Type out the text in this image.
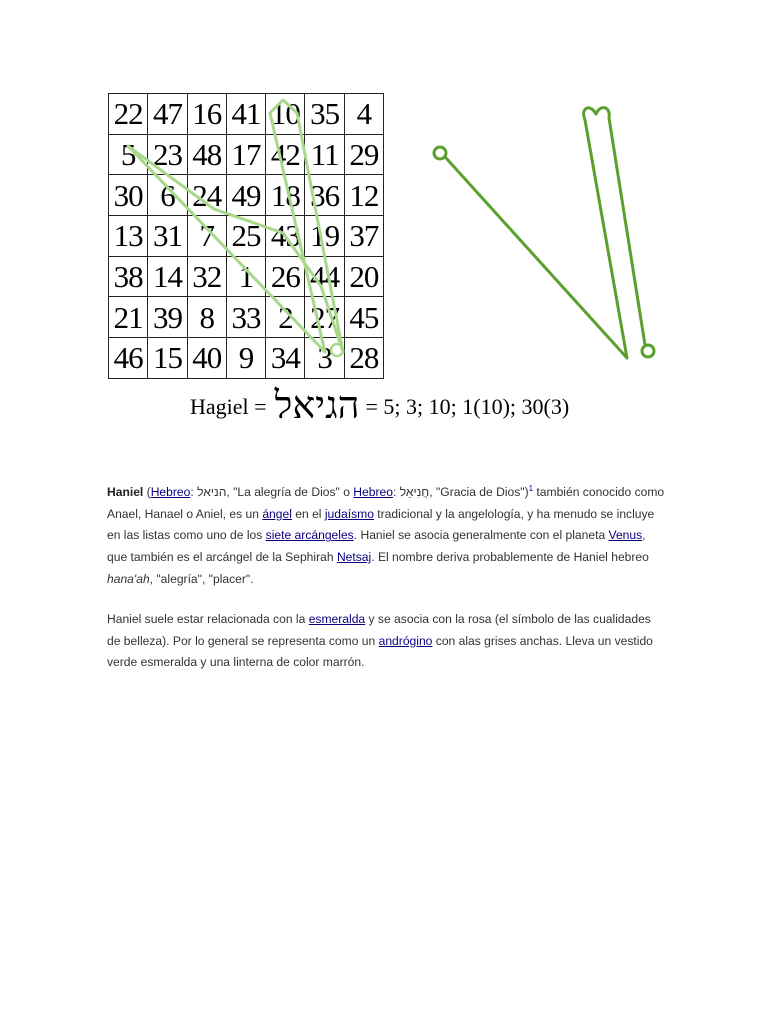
22	47	16	41	10	35	4
5	23	48	17	42	11	29
30	6	24	49	18	36	12
13	31	7	25	43	19	37
38	14	32	1	26	44	20
21	39	8	33	2	27	45
46	15	40	9	34	3	28
Hagiel = הגיאל = 5; 3; 10; 1(10); 30(3)

Haniel (Hebreo: הניאל, "La alegría de Dios" o Hebreo: חֲנִיאֵל, "Gracia de Dios")$^1$ también conocido como Anael, Hanael o Aniel, es un ángel en el judaísmo tradicional y la angelología, y ha menudo se incluye en las listas como uno de los siete arcángeles. Haniel se asocia generalmente con el planeta Venus, que también es el arcángel de la Sephirah Netsaj. El nombre deriva probablemente de Haniel hebreo hana'ah, "alegría", "placer".

Haniel suele estar relacionada con la esmeralda y se asocia con la rosa (el símbolo de las cualidades de belleza). Por lo general se representa como un andrógino con alas grises anchas. Lleva un vestido verde esmeralda y una linterna de color marrón.
